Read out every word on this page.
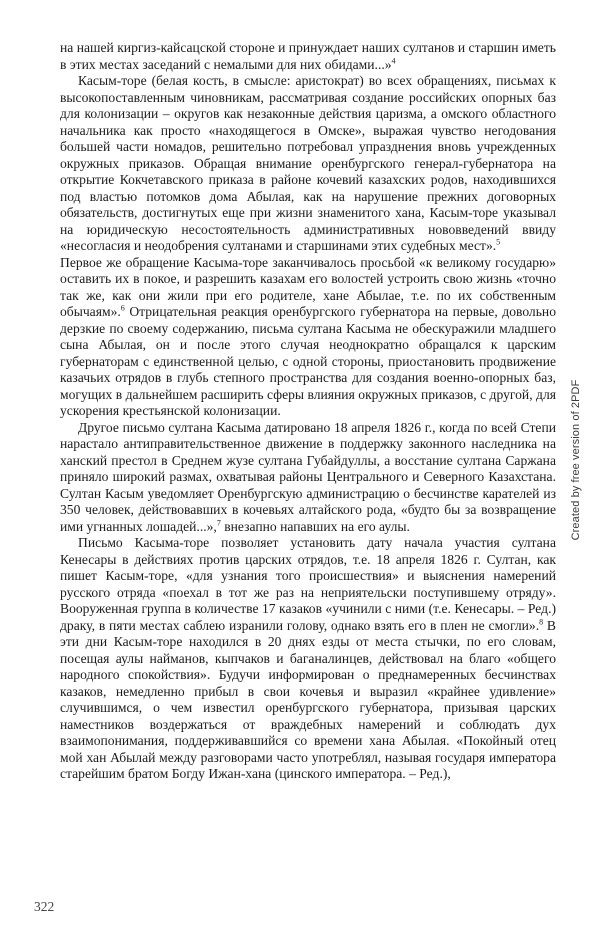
на нашей киргиз-кайсацской стороне и принуждает наших султанов и старшин иметь в этих местах заседаний с немалыми для них обидами...»$^4$

Касым-торе (белая кость, в смысле: аристократ) во всех обращениях, письмах к высокопоставленным чиновникам, рассматривая создание российских опорных баз для колонизации – округов как незаконные действия царизма, а омского областного начальника как просто «находящегося в Омске», выражая чувство негодования большей части номадов, решительно потребовал упразднения вновь учрежденных окружных приказов. Обращая внимание оренбургского генерал-губернатора на открытие Кокчетавского приказа в районе кочевий казахских родов, находившихся под властью потомков дома Абылая, как на нарушение прежних договорных обязательств, достигнутых еще при жизни знаменитого хана, Касым-торе указывал на юридическую несостоятельность административных нововведений ввиду «несогласия и неодобрения султанами и старшинами этих судебных мест».$^5$

Первое же обращение Касыма-торе заканчивалось просьбой «к великому государю» оставить их в покое, и разрешить казахам его волостей устроить свою жизнь «точно так же, как они жили при его родителе, хане Абылае, т.е. по их собственным обычаям».$^6$ Отрицательная реакция оренбургского губернатора на первые, довольно дерзкие по своему содержанию, письма султана Касыма не обескуражили младшего сына Абылая, он и после этого случая неоднократно обращался к царским губернаторам с единственной целью, с одной стороны, приостановить продвижение казачьих отрядов в глубь степного пространства для создания военно-опорных баз, могущих в дальнейшем расширить сферы влияния окружных приказов, с другой, для ускорения крестьянской колонизации.

Другое письмо султана Касыма датировано 18 апреля 1826 г., когда по всей Степи нарастало антиправительственное движение в поддержку законного наследника на ханский престол в Среднем жузе султана Губайдуллы, а восстание султана Саржана приняло широкий размах, охватывая районы Центрального и Северного Казахстана. Султан Касым уведомляет Оренбургскую администрацию о бесчинстве карателей из 350 человек, действовавших в кочевьях алтайского рода, «будто бы за возвращение ими угнанных лошадей...»,$^7$ внезапно напавших на его аулы.

Письмо Касыма-торе позволяет установить дату начала участия султана Кенесары в действиях против царских отрядов, т.е. 18 апреля 1826 г. Султан, как пишет Касым-торе, «для узнания того происшествия» и выяснения намерений русского отряда «поехал в тот же раз на неприятельски поступившему отряду». Вооруженная группа в количестве 17 казаков «учинили с ними (т.е. Кенесары. – Ред.) драку, в пяти местах саблею изранили голову, однако взять его в плен не смогли».$^8$ В эти дни Касым-торе находился в 20 днях езды от места стычки, по его словам, посещая аулы найманов, кыпчаков и баганалинцев, действовал на благо «общего народного спокойствия». Будучи информирован о преднамеренных бесчинствах казаков, немедленно прибыл в свои кочевья и выразил «крайнее удивление» случившимся, о чем известил оренбургского губернатора, призывая царских наместников воздержаться от враждебных намерений и соблюдать дух взаимопонимания, поддерживавшийся со времени хана Абылая. «Покойный отец мой хан Абылай между разговорами часто употреблял, называя государя императора старейшим братом Богду Ижан-хана (цинского императора. – Ред.),

Created by free version of 2PDF
322
